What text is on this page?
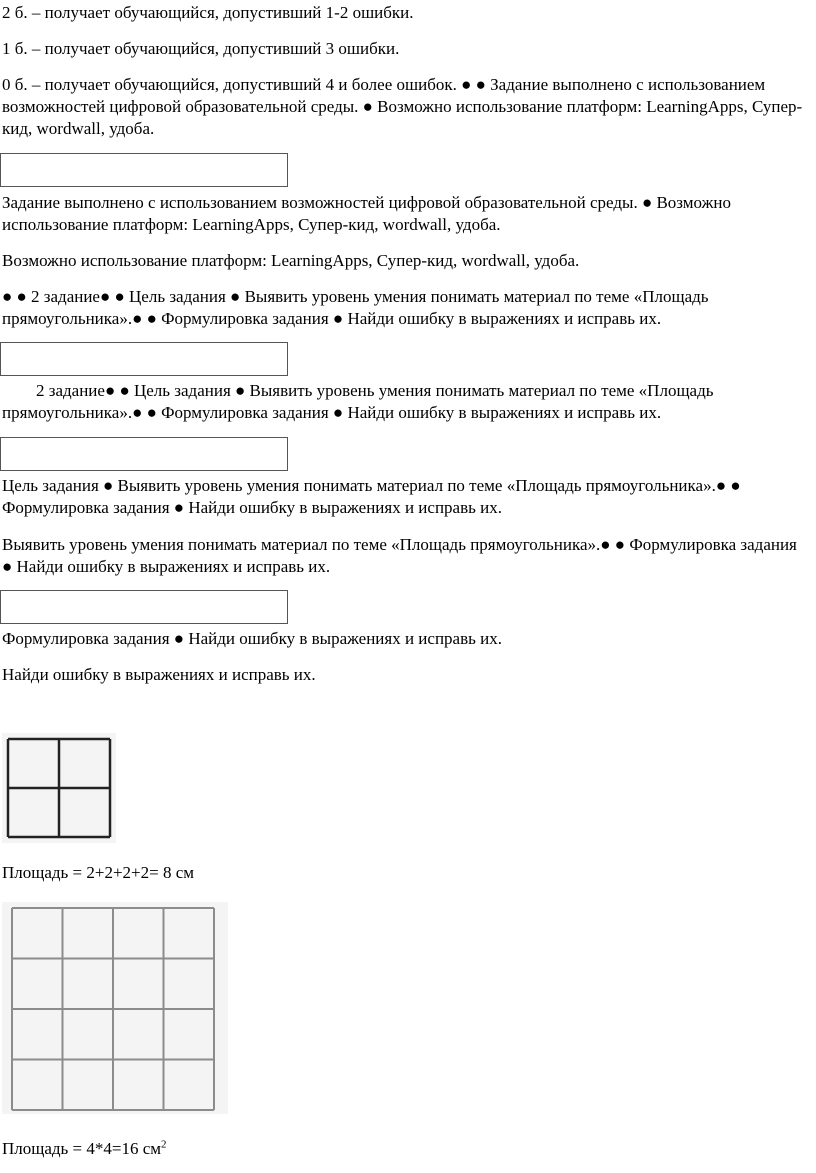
2 б. – получает обучающийся, допустивший 1-2 ошибки.

1 б. – получает обучающийся, допустивший 3 ошибки.

0 б. – получает обучающийся, допустивший 4 и более ошибок. ● ● Задание выполнено с использованием возможностей цифровой образовательной среды. ● Возможно использование платформ: LearningApps, Супер-кид, wordwall, удоба.

Задание выполнено с использованием возможностей цифровой образовательной среды. ● Возможно использование платформ: LearningApps, Супер-кид, wordwall, удоба.

Возможно использование платформ: LearningApps, Супер-кид, wordwall, удоба.

● ● 2 задание● ● Цель задания ● Выявить уровень умения понимать материал по теме «Площадь прямоугольника».● ● Формулировка задания ● Найди ошибку в выражениях и исправь их.

2 задание● ● Цель задания ● Выявить уровень умения понимать материал по теме «Площадь прямоугольника».● ● Формулировка задания ● Найди ошибку в выражениях и исправь их.

Цель задания ● Выявить уровень умения понимать материал по теме «Площадь прямоугольника».● ● Формулировка задания ● Найди ошибку в выражениях и исправь их.

Выявить уровень умения понимать материал по теме «Площадь прямоугольника».● ● Формулировка задания ● Найди ошибку в выражениях и исправь их.

Формулировка задания ● Найди ошибку в выражениях и исправь их.

Найди ошибку в выражениях и исправь их.

Площадь = 2+2+2+2= 8 см

Площадь = 4*4=16 $см^2$
